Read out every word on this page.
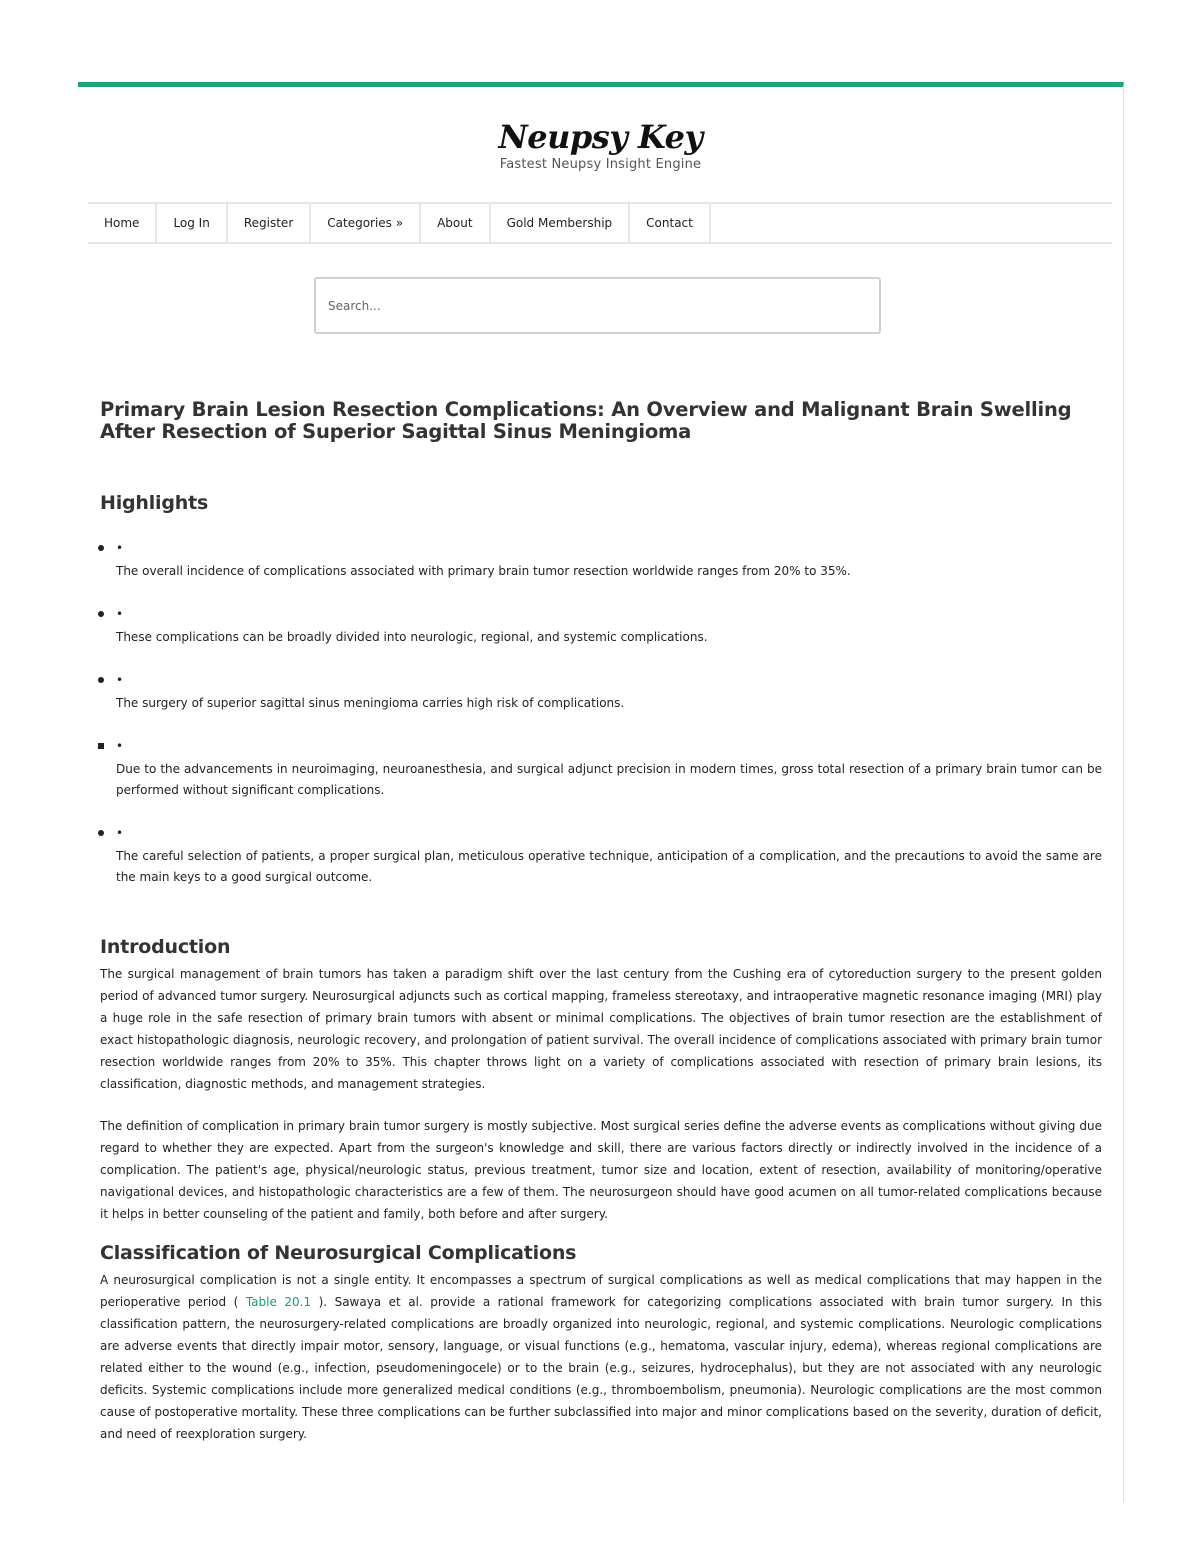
Neupsy Key
Fastest Neupsy Insight Engine
Home	Log In	Register	Categories »	About	Gold Membership	Contact
Search...
Primary Brain Lesion Resection Complications: An Overview and Malignant Brain Swelling After Resection of Superior Sagittal Sinus Meningioma
Highlights
•
The overall incidence of complications associated with primary brain tumor resection worldwide ranges from 20% to 35%.
•
These complications can be broadly divided into neurologic, regional, and systemic complications.
•
The surgery of superior sagittal sinus meningioma carries high risk of complications.
•
Due to the advancements in neuroimaging, neuroanesthesia, and surgical adjunct precision in modern times, gross total resection of a primary brain tumor can be performed without significant complications.
•
The careful selection of patients, a proper surgical plan, meticulous operative technique, anticipation of a complication, and the precautions to avoid the same are the main keys to a good surgical outcome.
Introduction

The surgical management of brain tumors has taken a paradigm shift over the last century from the Cushing era of cytoreduction surgery to the present golden period of advanced tumor surgery. Neurosurgical adjuncts such as cortical mapping, frameless stereotaxy, and intraoperative magnetic resonance imaging (MRI) play a huge role in the safe resection of primary brain tumors with absent or minimal complications. The objectives of brain tumor resection are the establishment of exact histopathologic diagnosis, neurologic recovery, and prolongation of patient survival. The overall incidence of complications associated with primary brain tumor resection worldwide ranges from 20% to 35%. This chapter throws light on a variety of complications associated with resection of primary brain lesions, its classification, diagnostic methods, and management strategies.

The definition of complication in primary brain tumor surgery is mostly subjective. Most surgical series define the adverse events as complications without giving due regard to whether they are expected. Apart from the surgeon's knowledge and skill, there are various factors directly or indirectly involved in the incidence of a complication. The patient's age, physical/neurologic status, previous treatment, tumor size and location, extent of resection, availability of monitoring/operative navigational devices, and histopathologic characteristics are a few of them. The neurosurgeon should have good acumen on all tumor-related complications because it helps in better counseling of the patient and family, both before and after surgery.

Classification of Neurosurgical Complications

A neurosurgical complication is not a single entity. It encompasses a spectrum of surgical complications as well as medical complications that may happen in the perioperative period ( Table 20.1 ). Sawaya et al. provide a rational framework for categorizing complications associated with brain tumor surgery. In this classification pattern, the neurosurgery-related complications are broadly organized into neurologic, regional, and systemic complications. Neurologic complications are adverse events that directly impair motor, sensory, language, or visual functions (e.g., hematoma, vascular injury, edema), whereas regional complications are related either to the wound (e.g., infection, pseudomeningocele) or to the brain (e.g., seizures, hydrocephalus), but they are not associated with any neurologic deficits. Systemic complications include more generalized medical conditions (e.g., thromboembolism, pneumonia). Neurologic complications are the most common cause of postoperative mortality. These three complications can be further subclassified into major and minor complications based on the severity, duration of deficit, and need of reexploration surgery.
